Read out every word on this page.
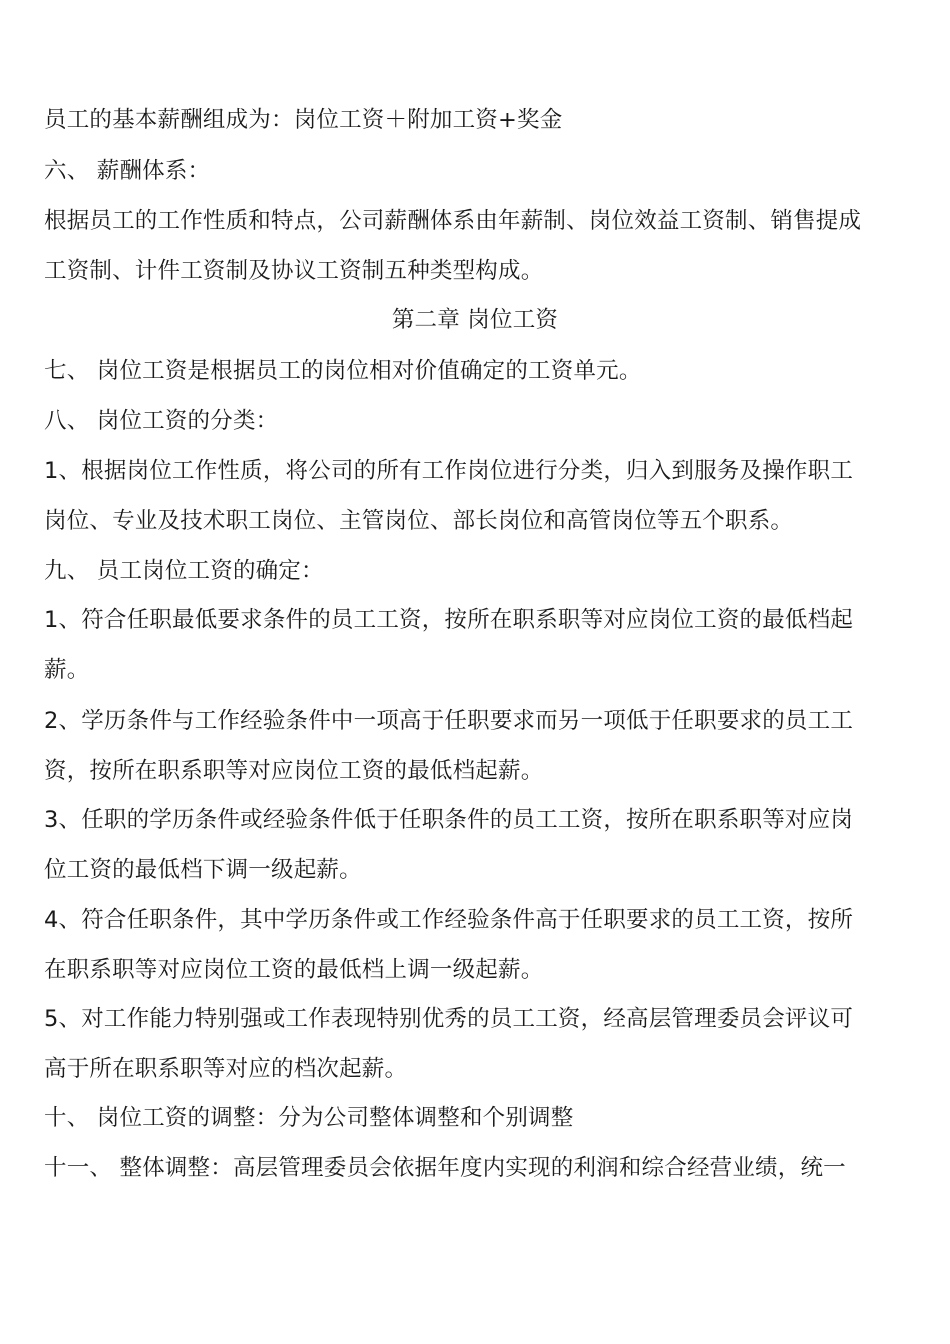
员工的基本薪酬组成为：岗位工资＋附加工资+奖金
六、 薪酬体系：
根据员工的工作性质和特点，公司薪酬体系由年薪制、岗位效益工资制、销售提成
工资制、计件工资制及协议工资制五种类型构成。
第二章 岗位工资
七、 岗位工资是根据员工的岗位相对价值确定的工资单元。
八、 岗位工资的分类：
1、根据岗位工作性质，将公司的所有工作岗位进行分类，归入到服务及操作职工
岗位、专业及技术职工岗位、主管岗位、部长岗位和高管岗位等五个职系。
九、 员工岗位工资的确定：
1、符合任职最低要求条件的员工工资，按所在职系职等对应岗位工资的最低档起
薪。
2、学历条件与工作经验条件中一项高于任职要求而另一项低于任职要求的员工工
资，按所在职系职等对应岗位工资的最低档起薪。
3、任职的学历条件或经验条件低于任职条件的员工工资，按所在职系职等对应岗
位工资的最低档下调一级起薪。
4、符合任职条件，其中学历条件或工作经验条件高于任职要求的员工工资，按所
在职系职等对应岗位工资的最低档上调一级起薪。
5、对工作能力特别强或工作表现特别优秀的员工工资，经高层管理委员会评议可
高于所在职系职等对应的档次起薪。
十、 岗位工资的调整：分为公司整体调整和个别调整
十一、 整体调整：高层管理委员会依据年度内实现的利润和综合经营业绩，统一
